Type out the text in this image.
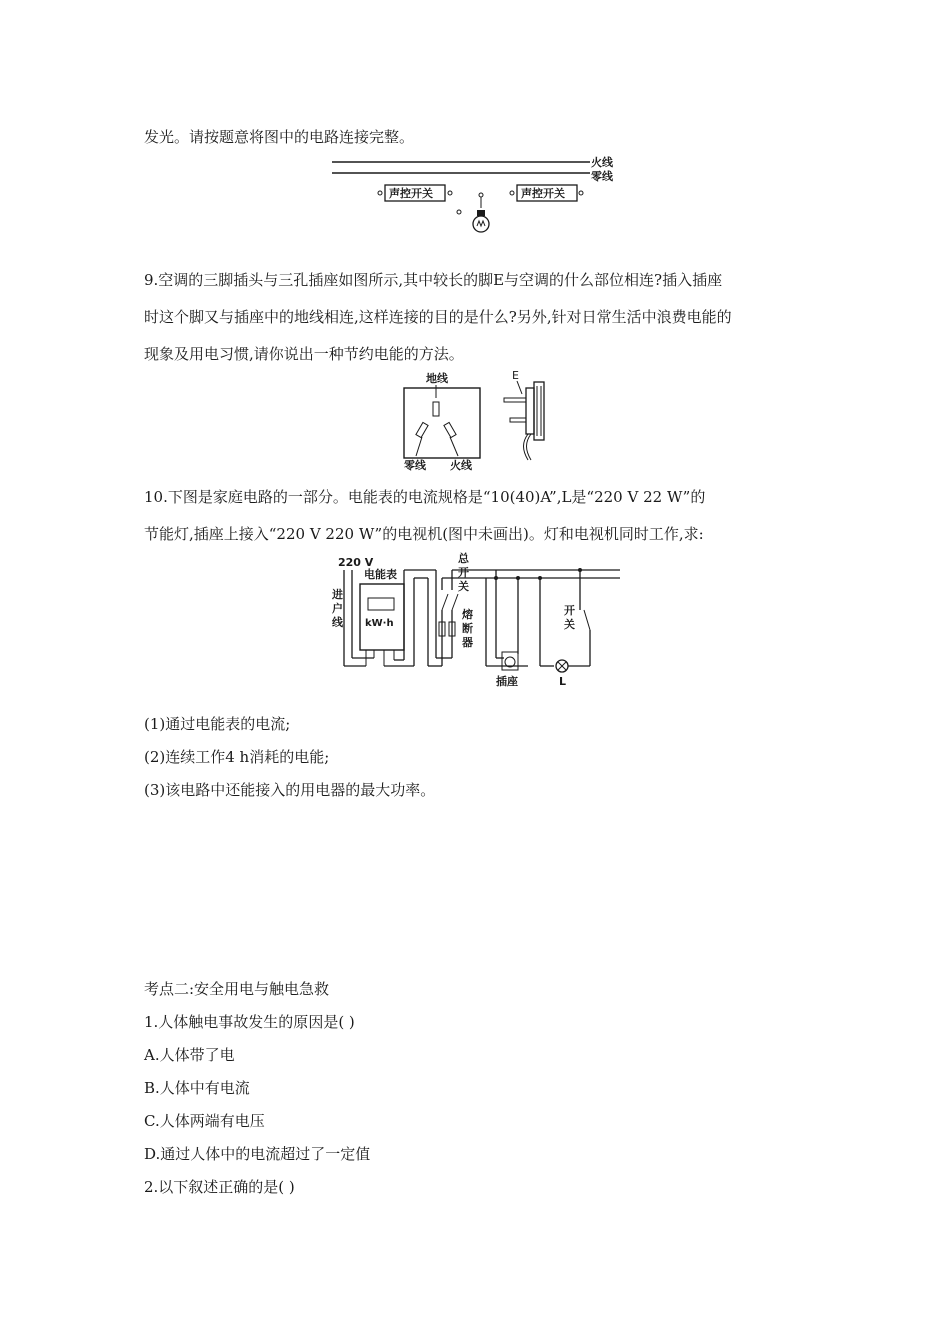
发光。请按题意将图中的电路连接完整。
火线
零线
声控开关	声控开关
9.空调的三脚插头与三孔插座如图所示,其中较长的脚E与空调的什么部位相连?插入插座
时这个脚又与插座中的地线相连,这样连接的目的是什么?另外,针对日常生活中浪费电能的
现象及用电习惯,请你说出一种节约电能的方法。
地线
零线 火线
E
10.下图是家庭电路的一部分。电能表的电流规格是“10(40)A”,L是“220 V 22 W”的
节能灯,插座上接入“220 V 220 W”的电视机(图中未画出)。灯和电视机同时工作,求:
220 V
电能表
进
户
线 kW·h
总
开
关
熔
断
器
插座	L
开
关
(1)通过电能表的电流;
(2)连续工作4 h消耗的电能;
(3)该电路中还能接入的用电器的最大功率。
考点二:安全用电与触电急救
1.人体触电事故发生的原因是( )
A.人体带了电
B.人体中有电流
C.人体两端有电压
D.通过人体中的电流超过了一定值
2.以下叙述正确的是( )
